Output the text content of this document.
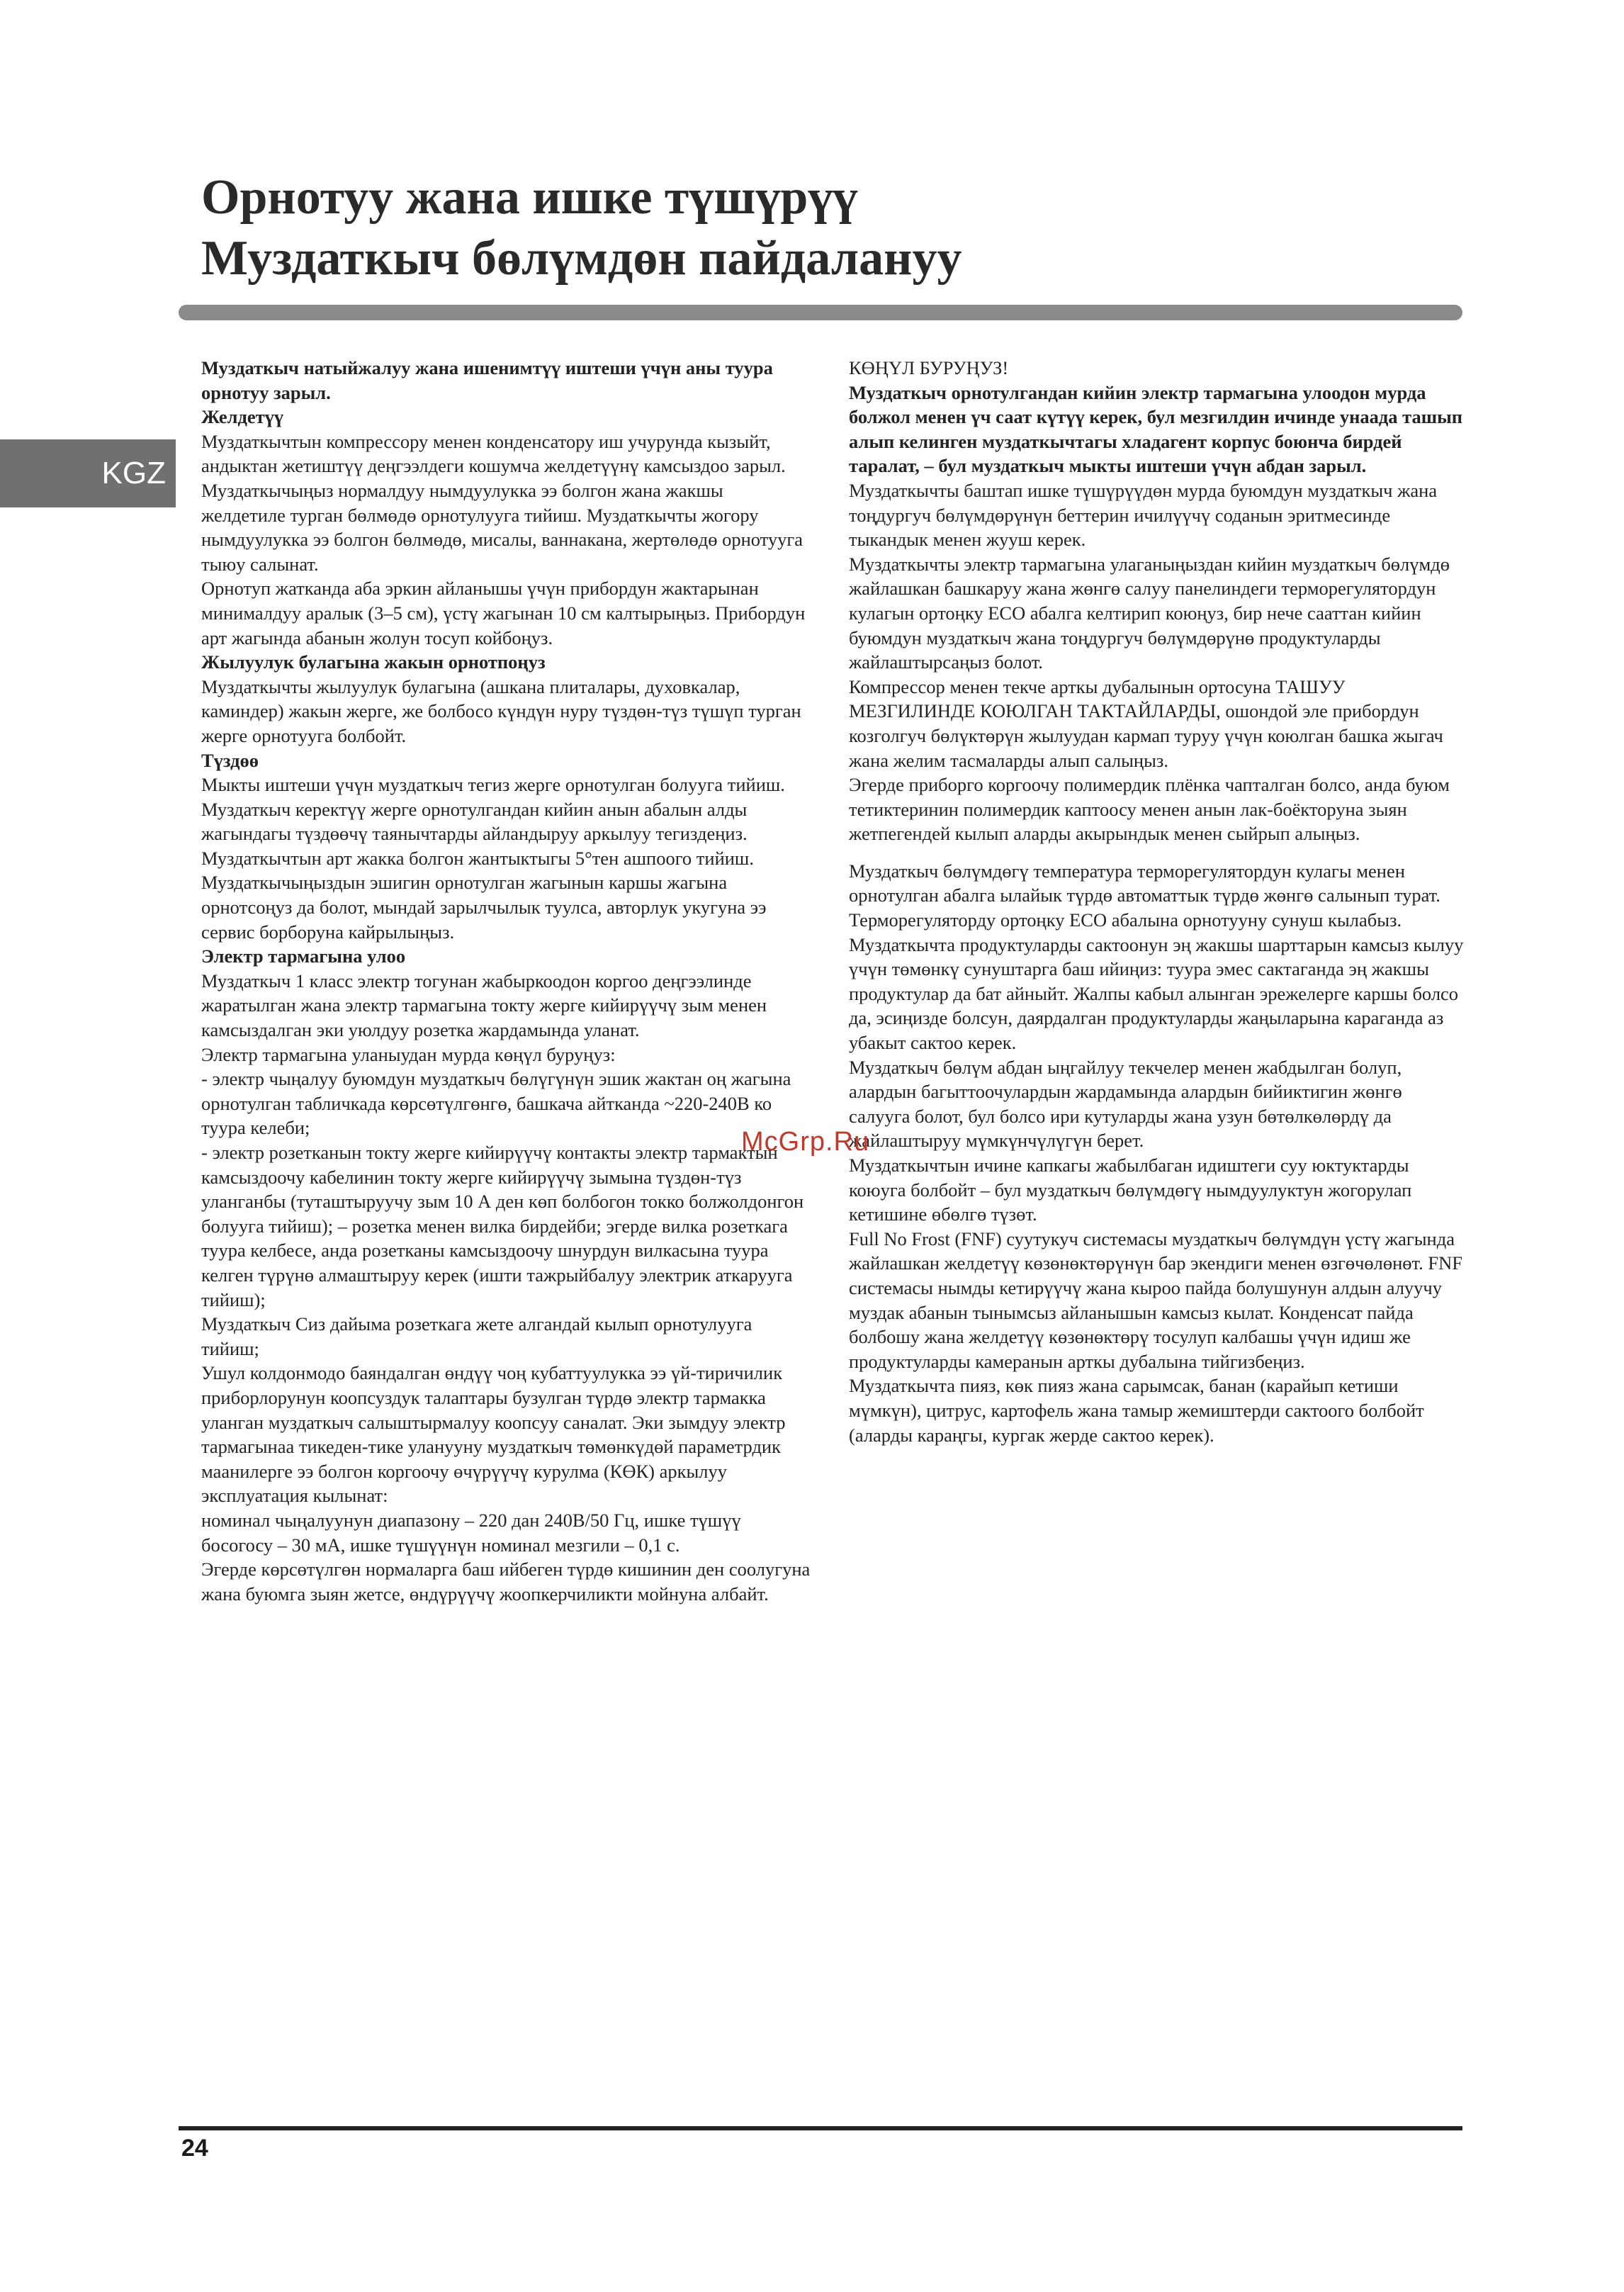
Орнотуу жана ишке түшүрүү
Муздаткыч бөлүмдөн пайдалануу
KGZ

Муздаткыч натыйжалуу жана ишенимтүү иштеши үчүн аны туура орнотуу зарыл.

Желдетүү

Муздаткычтын компрессору менен конденсатору иш учурунда кызыйт, андыктан жетиштүү деңгээлдеги кошумча желдетүүнү камсыздоо зарыл. Муздаткычыңыз нормалдуу нымдуулукка ээ болгон жана жакшы желдетиле турган бөлмөдө орнотулууга тийиш. Муздаткычты жогору нымдуулукка ээ болгон бөлмөдө, мисалы, ваннакана, жертөлөдө орнотууга тыюу салынат.

Орнотуп жатканда аба эркин айланышы үчүн прибордун жактарынан минималдуу аралык (3–5 см), үстү жагынан 10 см калтырыңыз. Прибордун арт жагында абанын жолун тосуп койбоңуз.

Жылуулук булагына жакын орнотпоңуз

Муздаткычты жылуулук булагына (ашкана плиталары, духовкалар, каминдер) жакын жерге, же болбосо күндүн нуру түздөн-түз түшүп турган жерге орнотууга болбойт.

Түздөө

Мыкты иштеши үчүн муздаткыч тегиз жерге орнотулган болууга тийиш. Муздаткыч керектүү жерге орнотулгандан кийин анын абалын алды жагындагы түздөөчү таянычтарды айландыруу аркылуу тегиздеңиз. Муздаткычтын арт жакка болгон жантыктыгы 5°тен ашпоого тийиш.

Муздаткычыңыздын эшигин орнотулган жагынын каршы жагына орнотсоңуз да болот, мындай зарылчылык туулса, авторлук укугуна ээ сервис борборуна кайрылыңыз.

Электр тармагына улоо

Муздаткыч 1 класс электр тогунан жабыркоодон коргоо деңгээлинде жаратылган жана электр тармагына токту жерге кийирүүчү зым менен камсыздалган эки уюлдуу розетка жардамында уланат.

Электр тармагына уланыудан мурда көңүл буруңуз:

- электр чыңалуу буюмдун муздаткыч бөлүгүнүн эшик жактан оң жагына орнотулган табличкада көрсөтүлгөнгө, башкача айтканда ~220-240В ко туура келеби;

- электр розетканын токту жерге кийирүүчү контакты электр тармактын камсыздоочу кабелинин токту жерге кийирүүчү зымына түздөн-түз уланганбы (туташтыруучу зым 10 А ден көп болбогон токко болжолдонгон болууга тийиш); – розетка менен вилка бирдейби; эгерде вилка розеткага туура келбесе, анда розетканы камсыздоочу шнурдун вилкасына туура келген түрүнө алмаштыруу керек (ишти тажрыйбалуу электрик аткарууга тийиш);

Муздаткыч Сиз дайыма розеткага жете алгандай кылып орнотулууга тийиш;

Ушул колдонмодо баяндалган өндүү чоң кубаттуулукка ээ үй-тиричилик приборлорунун коопсуздук талаптары бузулган түрдө электр тармакка уланган муздаткыч салыштырмалуу коопсуу саналат. Эки зымдуу электр тармагынаа тикеден-тике уланууну муздаткыч төмөнкүдөй параметрдик маанилерге ээ болгон коргоочу өчүрүүчү курулма (КӨК) аркылуу эксплуатация кылынат:

номинал чыңалуунун диапазону – 220 дан 240В/50 Гц, ишке түшүү босогосу – 30 мА, ишке түшүүнүн номинал мезгили – 0,1 с.

Эгерде көрсөтүлгөн нормаларга баш ийбеген түрдө кишинин ден соолугуна жана буюмга зыян жетсе, өндүрүүчү жоопкерчиликти мойнуна албайт.

КӨҢҮЛ БУРУҢУЗ!

Муздаткыч орнотулгандан кийин электр тармагына улоодон мурда болжол менен үч саат күтүү керек, бул мезгилдин ичинде унаада ташып алып келинген муздаткычтагы хладагент корпус боюнча бирдей таралат, – бул муздаткыч мыкты иштеши үчүн абдан зарыл.

Муздаткычты баштап ишке түшүрүүдөн мурда буюмдун муздаткыч жана тоңдургуч бөлүмдөрүнүн беттерин ичилүүчү соданын эритмесинде тыкандык менен жууш керек.

Муздаткычты электр тармагына улаганыңыздан кийин муздаткыч бөлүмдө жайлашкан башкаруу жана жөнгө салуу панелиндеги терморегулятордун кулагын ортоңку ECO абалга келтирип коюңуз, бир нече сааттан кийин буюмдун муздаткыч жана тоңдургуч бөлүмдөрүнө продуктуларды жайлаштырсаңыз болот.

Компрессор менен текче арткы дубалынын ортосуна ТАШУУ МЕЗГИЛИНДЕ КОЮЛГАН ТАКТАЙЛАРДЫ, ошондой эле прибордун козголгуч бөлүктөрүн жылуудан кармап туруу үчүн коюлган башка жыгач жана желим тасмаларды алып салыңыз.

Эгерде приборго коргоочу полимердик плёнка чапталган болсо, анда буюм тетиктеринин полимердик каптоосу менен анын лак-боёкторуна зыян жетпегендей кылып аларды акырындык менен сыйрып алыңыз.

Муздаткыч бөлүмдөгү температура терморегулятордун кулагы менен орнотулган абалга ылайык түрдө автоматтык түрдө жөнгө салынып турат.

Терморегуляторду ортоңку ECO абалына орнотууну сунуш кылабыз.

Муздаткычта продуктуларды сактоонун эң жакшы шарттарын камсыз кылуу үчүн төмөнкү сунуштарга баш ийиңиз: туура эмес сактаганда эң жакшы продуктулар да бат айныйт. Жалпы кабыл алынган эрежелерге каршы болсо да, эсиңизде болсун, даярдалган продуктуларды жаңыларына караганда аз убакыт сактоо керек.

Муздаткыч бөлүм абдан ыңгайлуу текчелер менен жабдылган болуп, алардын багыттоочулардын жардамында алардын бийиктигин жөнгө салууга болот, бул болсо ири кутуларды жана узун бөтөлкөлөрдү да жайлаштыруу мүмкүнчүлүгүн берет.

Муздаткычтын ичине капкагы жабылбаган идиштеги суу юктуктарды коюуга болбойт – бул муздаткыч бөлүмдөгү нымдуулуктун жогорулап кетишине өбөлгө түзөт.

Full No Frost (FNF) суутукуч системасы муздаткыч бөлүмдүн үстү жагында жайлашкан желдетүү көзөнөктөрүнүн бар экендиги менен өзгөчөлөнөт. FNF системасы нымды кетирүүчү жана кыроо пайда болушунун алдын алуучу муздак абанын тынымсыз айланышын камсыз кылат. Конденсат пайда болбошу жана желдетүү көзөнөктөрү тосулуп калбашы үчүн идиш же продуктуларды камеранын арткы дубалына тийгизбеңиз.

Муздаткычта пияз, көк пияз жана сарымсак, банан (карайып кетиши мүмкүн), цитрус, картофель жана тамыр жемиштерди сактоого болбойт (аларды караңгы, кургак жерде сактоо керек).

McGrp.Ru
24
